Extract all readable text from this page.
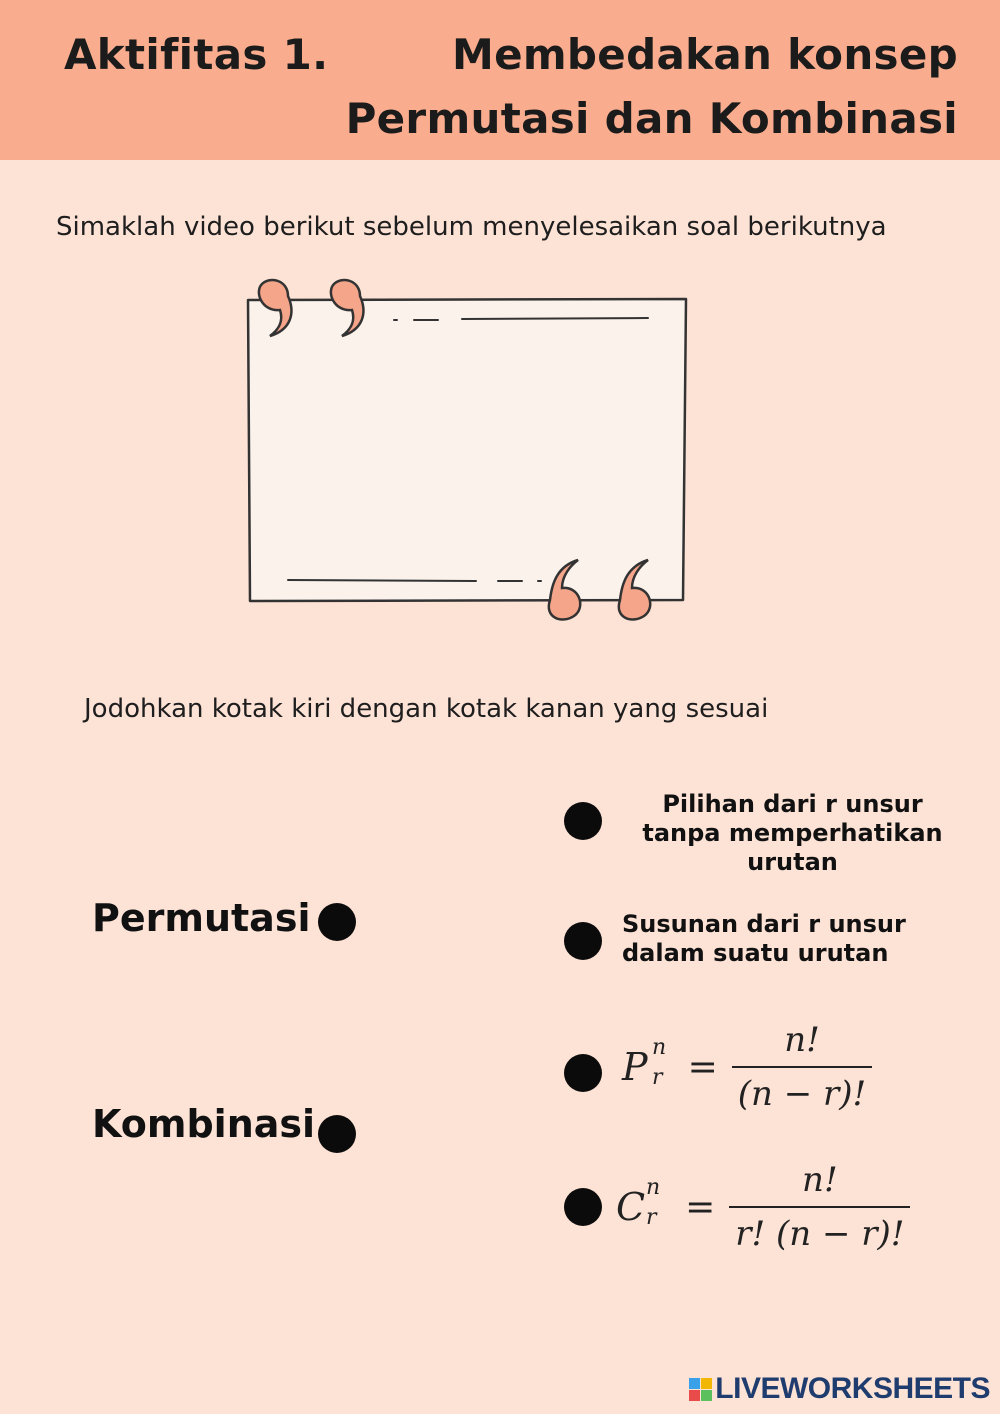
Aktifitas 1.	Membedakan konsep
Permutasi dan Kombinasi
Simaklah video berikut sebelum menyelesaikan soal berikutnya
Jodohkan kotak kiri dengan kotak kanan yang sesuai
Permutasi
Kombinasi
Pilihan dari r unsur tanpa memperhatikan urutan
Susunan dari r unsur dalam suatu urutan
P n
$r = \frac{n!}{(n - r)!}$
C n
$r = \frac{n!}{r! (n - r)!}$
LIVEWORKSHEETS
